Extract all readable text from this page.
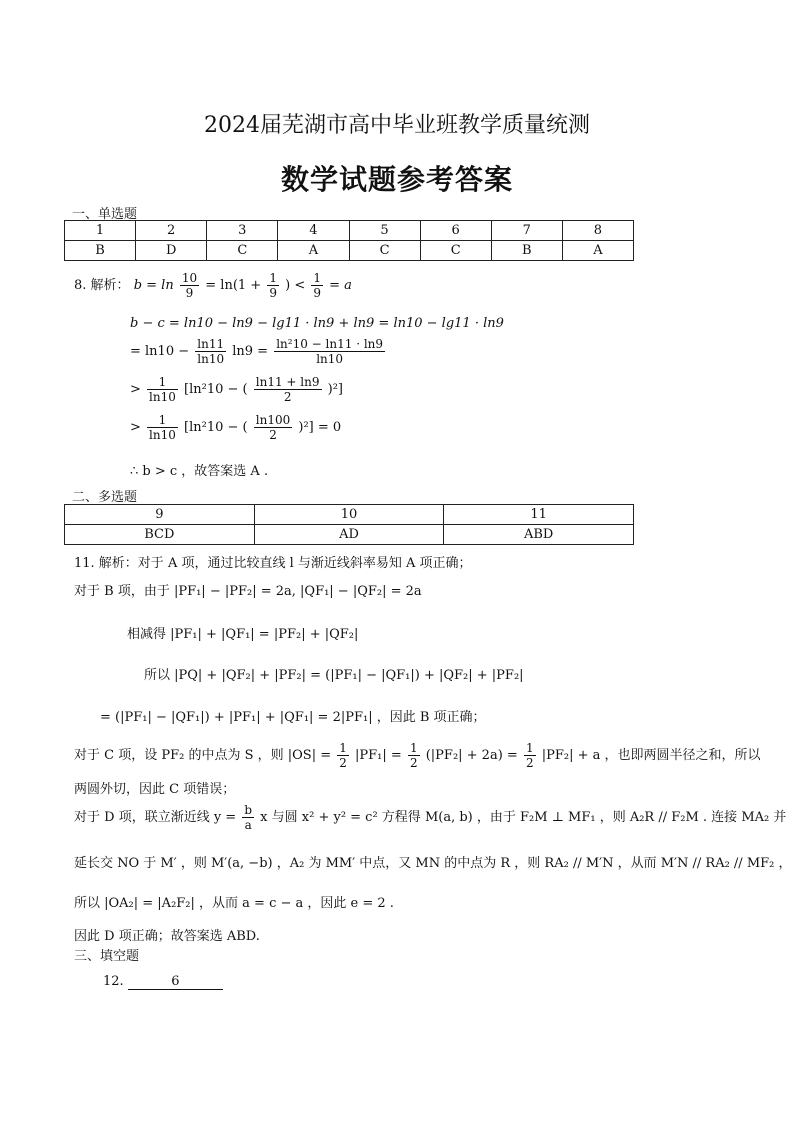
2024届芜湖市高中毕业班教学质量统测
数学试题参考答案
一、单选题
1	2	3	4	5	6	7	8
B	D	C	A	C	C	B	A
8. 解析： $b = \ln \frac{10}{9} = \ln(1 + \frac{1}{9}$ ) < $\frac{1}{9} = a$
b − c = ln10 − ln9 − lg11 · ln9 + ln9 = ln10 − lg11 · ln9
= $\ln 10 - \frac{\ln 11}{\ln 10} \ln 9 = \frac{\text{ln²10 − ln11 · ln9}}{\ln 10}$
> $\frac{1}{\ln 10} [\ln^210$ − ( $\frac{\ln 11 + \ln 9}{2} )^2$]
> $\frac{1}{\ln 10} [\ln^210$ − ( $\frac{\ln 100}{2} )^2] = 0$
∴ b > c ，故答案选 A .
二、多选题
9	10	11
BCD	AD	ABD
11. 解析：对于 A 项，通过比较直线 l 与渐近线斜率易知 A 项正确；
对于 B 项，由于 |PF₁| − |PF₂| = 2a, |QF₁| − |QF₂| = 2a
相减得 |PF₁| + |QF₁| = |PF₂| + |QF₂|
所以 |PQ| + |QF₂| + |PF₂| = (|PF₁| − |QF₁|) + |QF₂| + |PF₂|
= (|PF₁| − |QF₁|) + |PF₁| + |QF₁| = 2|PF₁| ，因此 B 项正确；
对于 C 项，设 PF₂ 的中点为 S ，则 $|OS| = \frac{1}{2} |PF_1| = \frac{1}{2} (|PF_2| + 2a) = \frac{1}{2} |PF_2| + a$ ，也即两圆半径之和，所以
两圆外切，因此 C 项错误；
对于 D 项，联立渐近线 $y = \frac{b}{a}$ x 与圆 x² + y² = c² 方程得 M(a, b) ，由于 F₂M ⊥ MF₁ ，则 A₂R // F₂M . 连接 MA₂ 并
延长交 NO 于 M′ ，则 M′(a, −b) ，A₂ 为 MM′ 中点，又 MN 的中点为 R ，则 RA₂ // M′N ，从而 M′N // RA₂ // MF₂ ，
所以 |OA₂| = |A₂F₂| ，从而 a = c − a ，因此 e = 2 .
因此 D 项正确；故答案选 ABD.
三、填空题
12.	6
